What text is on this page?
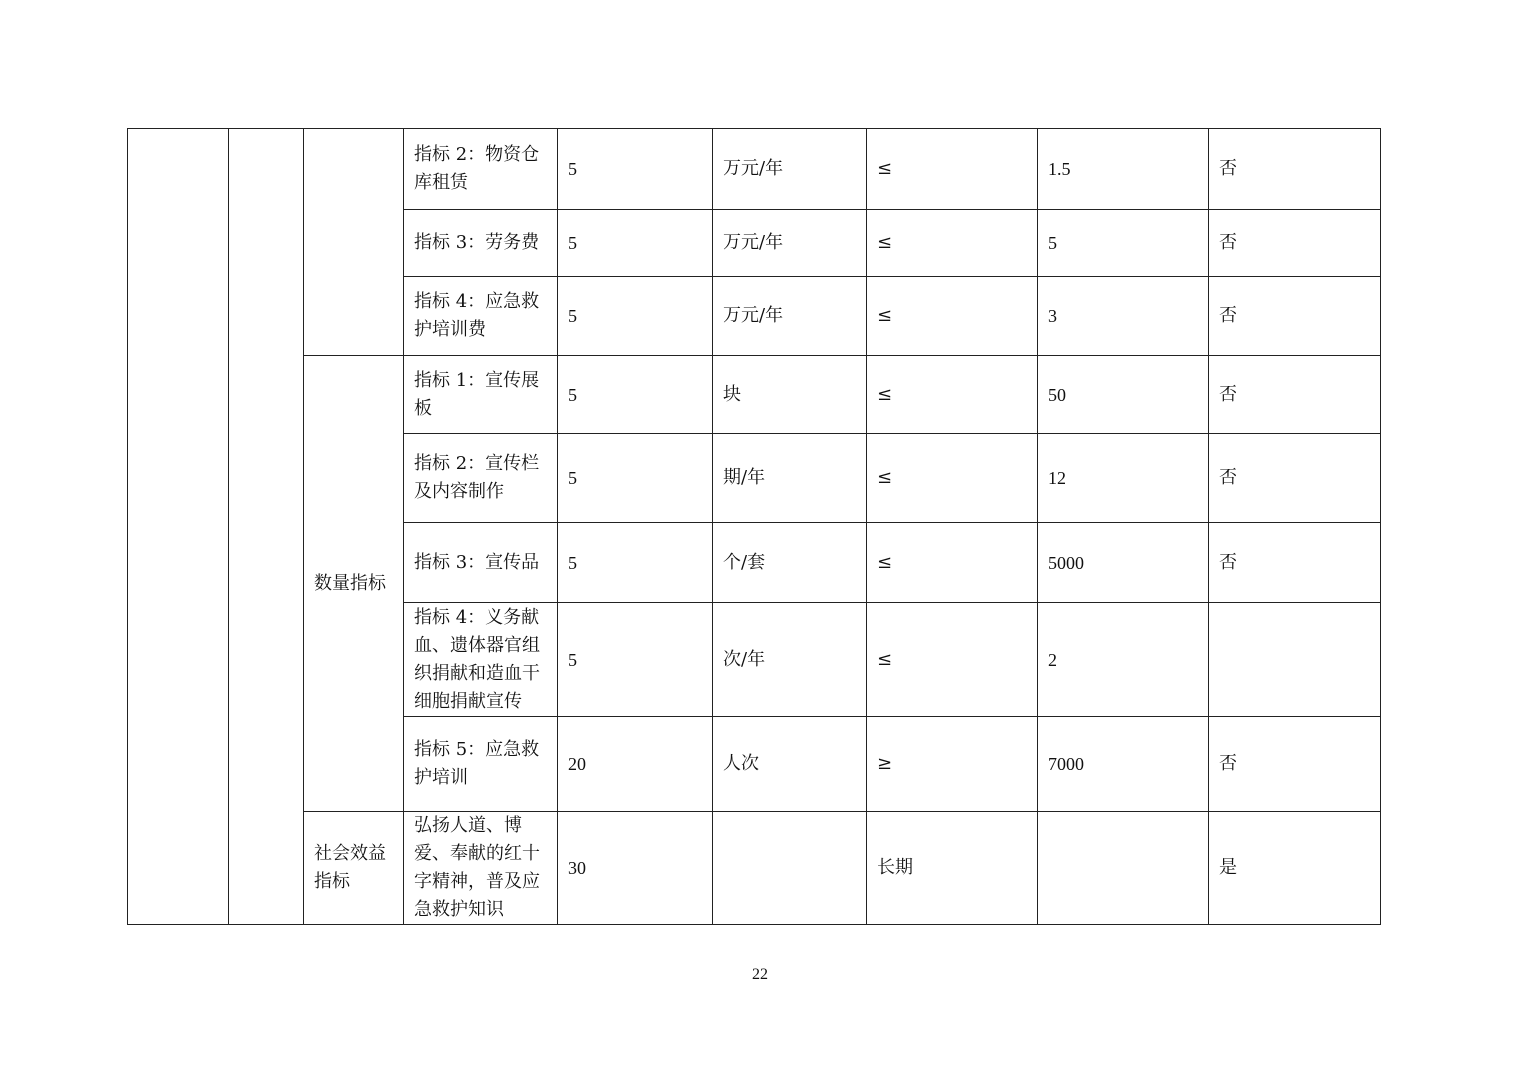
			指标 2：物资仓库租赁	5	万元/年	≤	1.5	否
			指标 3：劳务费	5	万元/年	≤	5	否
			指标 4：应急救护培训费	5	万元/年	≤	3	否
		数量指标	指标 1：宣传展板	5	块	≤	50	否
			指标 2：宣传栏及内容制作	5	期/年	≤	12	否
			指标 3：宣传品	5	个/套	≤	5000	否
			指标 4：义务献血、遗体器官组织捐献和造血干细胞捐献宣传	5	次/年	≤	2	
			指标 5：应急救护培训	20	人次	≥	7000	否
		社会效益指标	弘扬人道、博爱、奉献的红十字精神，普及应急救护知识	30		长期		是
22
